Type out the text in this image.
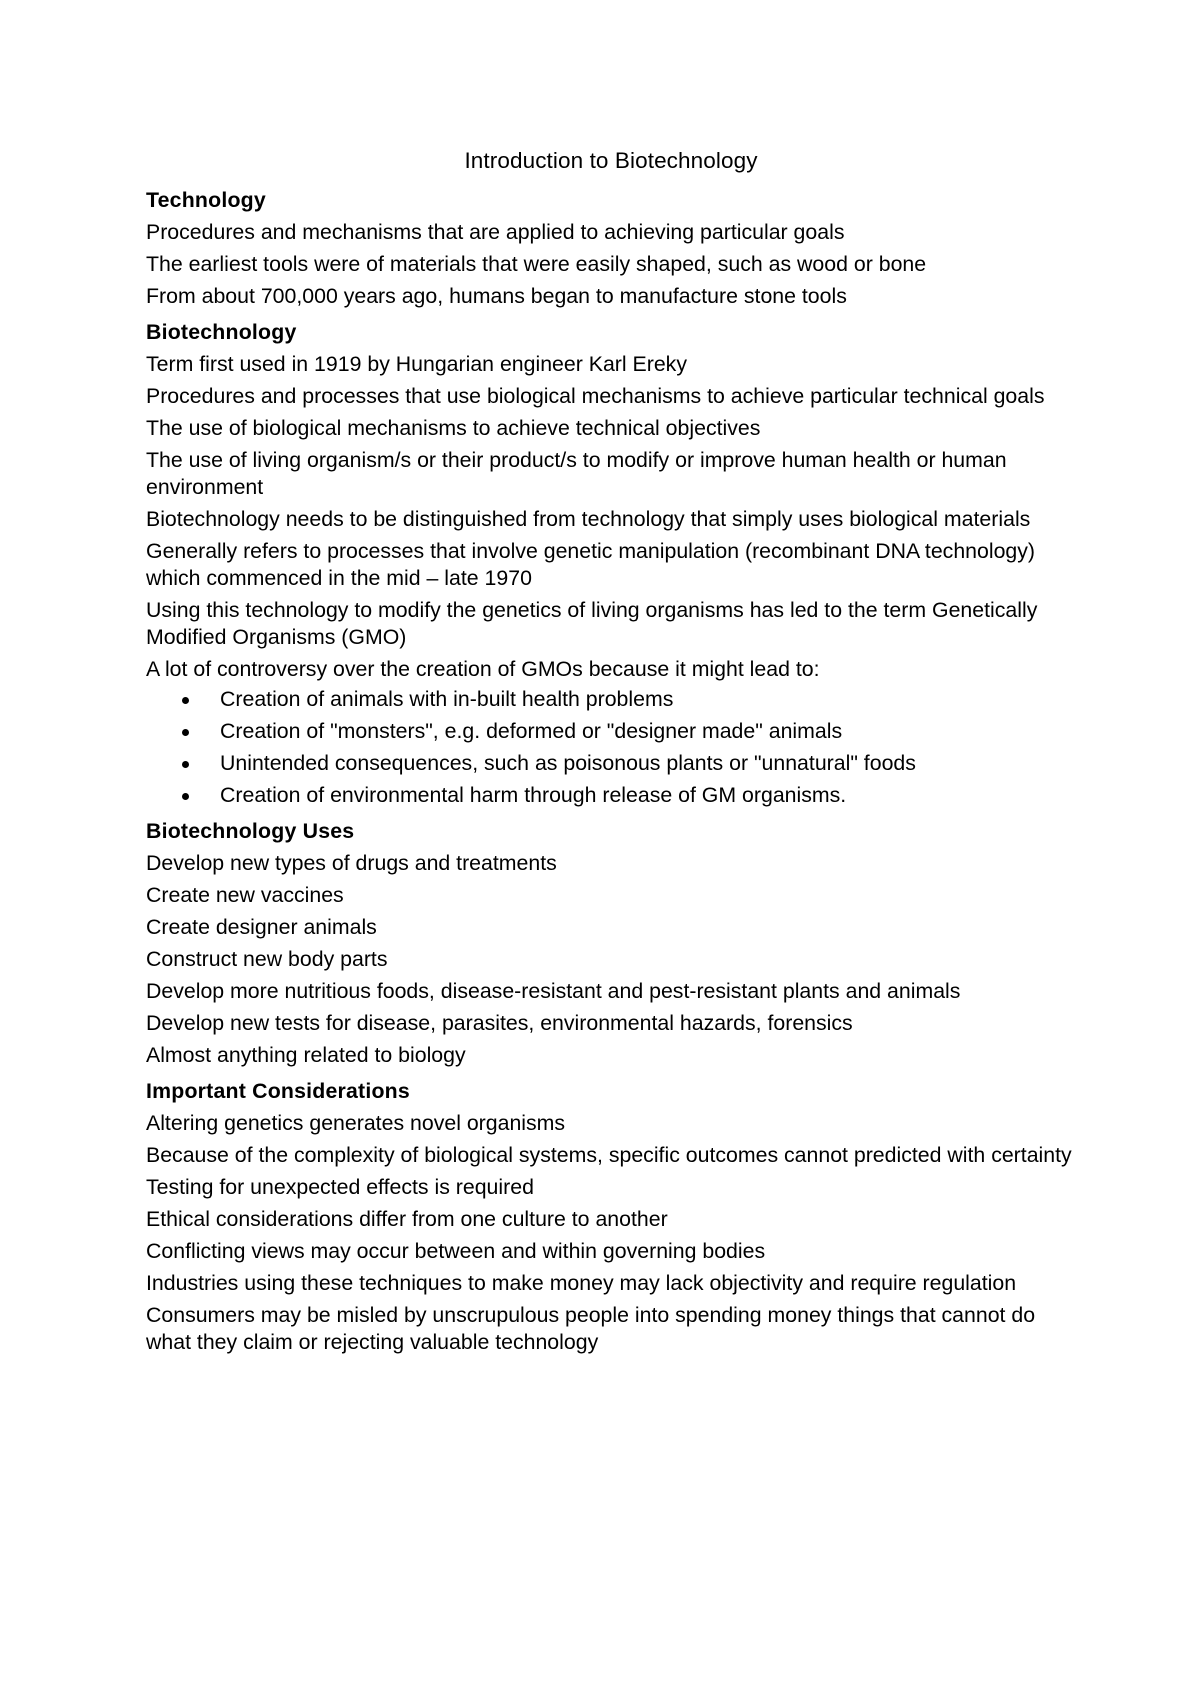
Introduction to Biotechnology
Technology

Procedures and mechanisms that are applied to achieving particular goals

The earliest tools were of materials that were easily shaped, such as wood or bone

From about 700,000 years ago, humans began to manufacture stone tools

Biotechnology

Term first used in 1919 by Hungarian engineer Karl Ereky

Procedures and processes that use biological mechanisms to achieve particular technical goals

The use of biological mechanisms to achieve technical objectives

The use of living organism/s or their product/s to modify or improve human health or human environment

Biotechnology needs to be distinguished from technology that simply uses biological materials

Generally refers to processes that involve genetic manipulation (recombinant DNA technology) which commenced in the mid – late 1970

Using this technology to modify the genetics of living organisms has led to the term Genetically Modified Organisms (GMO)

A lot of controversy over the creation of GMOs because it might lead to:

Creation of animals with in-built health problems
Creation of "monsters", e.g. deformed or "designer made" animals
Unintended consequences, such as poisonous plants or "unnatural" foods
Creation of environmental harm through release of GM organisms.
Biotechnology Uses

Develop new types of drugs and treatments

Create new vaccines

Create designer animals

Construct new body parts

Develop more nutritious foods, disease-resistant and pest-resistant plants and animals

Develop new tests for disease, parasites, environmental hazards, forensics

Almost anything related to biology

Important Considerations

Altering genetics generates novel organisms

Because of the complexity of biological systems, specific outcomes cannot predicted with certainty

Testing for unexpected effects is required

Ethical considerations differ from one culture to another

Conflicting views may occur between and within governing bodies

Industries using these techniques to make money may lack objectivity and require regulation

Consumers may be misled by unscrupulous people into spending money things that cannot do what they claim or rejecting valuable technology
